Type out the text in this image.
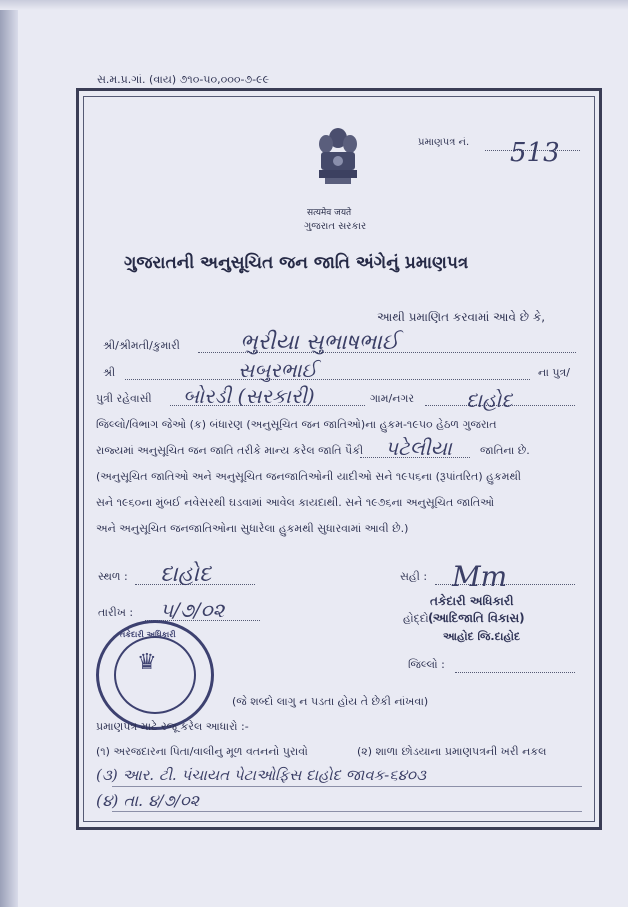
સ.મ.પ્ર.ગાં. (વાય) ૭૧૦-૫૦,૦૦૦-૭-૯૯
सत्यमेव जयते
ગુજરાત સરકાર
પ્રમાણપત્ર નં. 513
ગુજરાતની અનુસૂચિત જન જાતિ અંગેનું પ્રમાણપત્ર
આથી પ્રમાણિત કરવામાં આવે છે કે,
શ્રી/શ્રીમતી/કુમારી	ભુરીયા સુભાષભાઈ
શ્રી	સબુરભાઈ	ના પુત્ર/
પુત્રી રહેવાસી બોરડી (સરકારી)	ગામ/નગર	દાહોદ
જિલ્લો/વિભાગ જેઓ (ક) બંધારણ (અનુસૂચિત જન જાતિઓ)ના હુકમ-૧૯૫૦ હેઠળ ગુજરાત
રાજ્યમાં અનુસૂચિત જન જાતિ તરીકે માન્ય કરેલ જાતિ પૈકી પટેલીયા	જાતિના છે.
(અનુસૂચિત જાતિઓ અને અનુસૂચિત જનજાતિઓની યાદીઓ સને ૧૯૫૬ના (રૂપાંતરિત) હુકમથી
સને ૧૯૬૦ના મુંબઈ નવેસરથી ઘડવામાં આવેલ કાયદાથી. સને ૧૯૭૬ના અનુસૂચિત જાતિઓ
અને અનુસૂચિત જનજાતિઓના સુધારેલા હુકમથી સુધારવામાં આવી છે.)
સ્થળ : દાહોદ
તારીખ : ૫/૭/૦૨
સહી : Mm
હોદ્દો :
તકેદારી અધિકારી
(આદિજાતિ વિકાસ)
આહોદ જિ.દાહોદ
જિલ્લો :
♛
તકેદારી અધિકારી
(જે શબ્દો લાગુ ન પડતા હોય તે છેકી નાંખવા)
પ્રમાણપત્ર માટે રજૂ કરેલ આધારો :-
(૧) અરજદારના પિતા/વાલીનુ મૂળ વતનનો પુરાવો	(૨) શાળા છોડયાના પ્રમાણપત્રની ખરી નકલ
(૩) આર. ટી. પંચાયત પેટાઓફિસ દાહોદ જાવક-૬૪૦૩
(૪) તા. ૪/૭/૦૨
